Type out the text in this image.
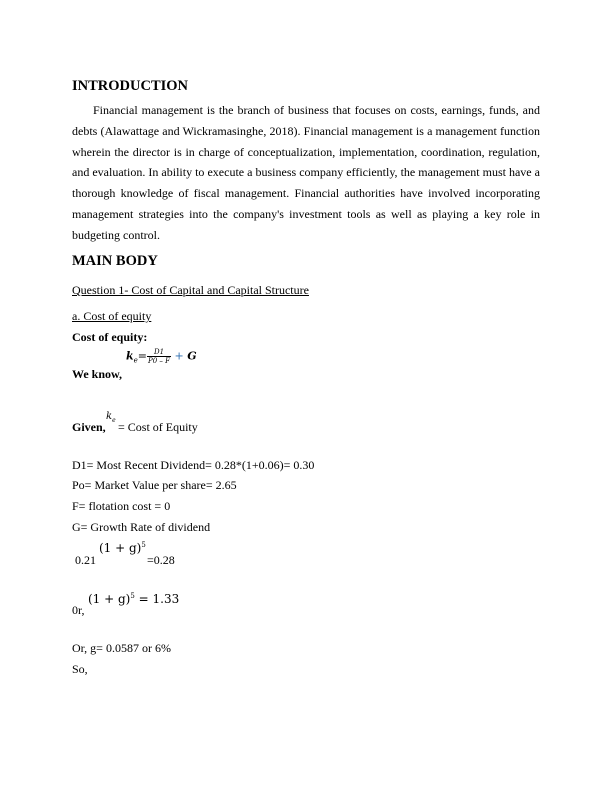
INTRODUCTION

Financial management is the branch of business that focuses on costs, earnings, funds, and debts (Alawattage and Wickramasinghe, 2018). Financial management is a management function wherein the director is in charge of conceptualization, implementation, coordination, regulation, and evaluation. In ability to execute a business company efficiently, the management must have a thorough knowledge of fiscal management. Financial authorities have involved incorporating management strategies into the company's investment tools as well as playing a key role in budgeting control.

MAIN BODY
Question 1- Cost of Capital and Capital Structure
a. Cost of equity
Cost of equity:
$k_e= \frac{D1}{P0 - F} + G$
We know,
Given,
$k_e$ = Cost of Equity
D1= Most Recent Dividend= 0.28*(1+0.06)= 0.30
Po= Market Value per share= 2.65
F= flotation cost = 0
G= Growth Rate of dividend
0.21
$(1 + g)^5$
=0.28
$(1 + g)^5 = 1.33$
0r,
Or, g= 0.0587 or 6%
So,
